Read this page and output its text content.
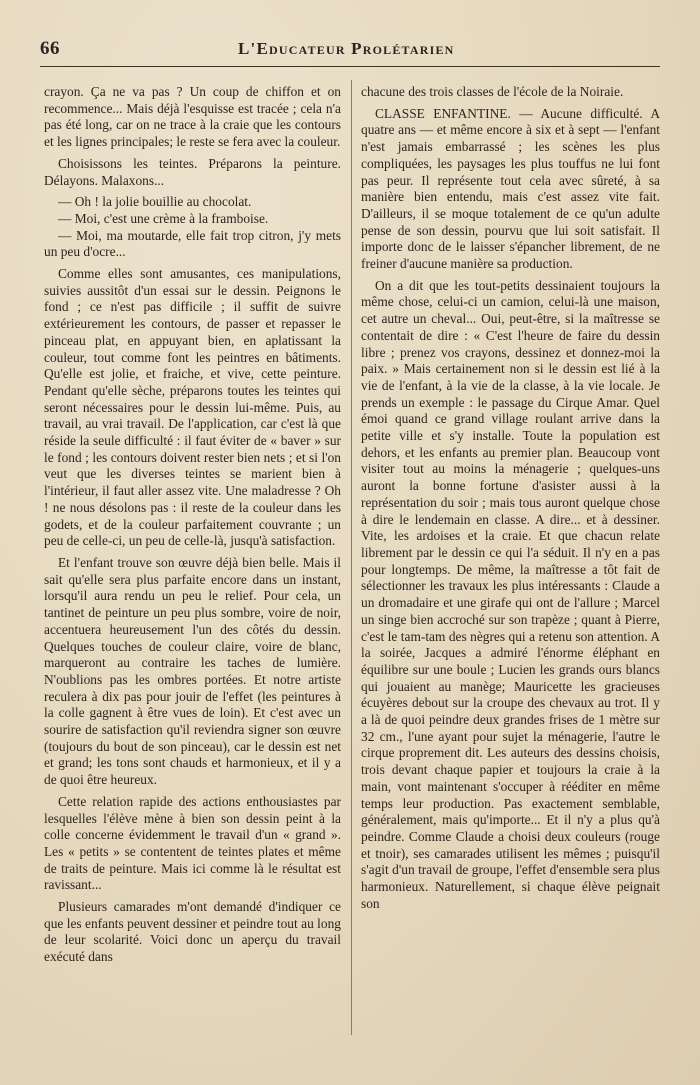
66	L'Educateur Prolétarien

crayon. Ça ne va pas ? Un coup de chiffon et on recommence... Mais déjà l'esquisse est tracée ; cela n'a pas été long, car on ne trace à la craie que les contours et les lignes principales; le reste se fera avec la couleur.

Choisissons les teintes. Préparons la peinture. Délayons. Malaxons...

— Oh ! la jolie bouillie au chocolat.

— Moi, c'est une crème à la framboise.

— Moi, ma moutarde, elle fait trop citron, j'y mets un peu d'ocre...

Comme elles sont amusantes, ces manipulations, suivies aussitôt d'un essai sur le dessin. Peignons le fond ; ce n'est pas difficile ; il suffit de suivre extérieurement les contours, de passer et repasser le pinceau plat, en appuyant bien, en aplatissant la couleur, tout comme font les peintres en bâtiments. Qu'elle est jolie, et fraiche, et vive, cette peinture. Pendant qu'elle sèche, préparons toutes les teintes qui seront nécessaires pour le dessin lui-même. Puis, au travail, au vrai travail. De l'application, car c'est là que réside la seule difficulté : il faut éviter de « baver » sur le fond ; les contours doivent rester bien nets ; et si l'on veut que les diverses teintes se marient bien à l'intérieur, il faut aller assez vite. Une maladresse ? Oh ! ne nous désolons pas : il reste de la couleur dans les godets, et de la couleur parfaitement couvrante ; un peu de celle-ci, un peu de celle-là, jusqu'à satisfaction.

Et l'enfant trouve son œuvre déjà bien belle. Mais il sait qu'elle sera plus parfaite encore dans un instant, lorsqu'il aura rendu un peu le relief. Pour cela, un tantinet de peinture un peu plus sombre, voire de noir, accentuera heureusement l'un des côtés du dessin. Quelques touches de couleur claire, voire de blanc, marqueront au contraire les taches de lumière. N'oublions pas les ombres portées. Et notre artiste reculera à dix pas pour jouir de l'effet (les peintures à la colle gagnent à être vues de loin). Et c'est avec un sourire de satisfaction qu'il reviendra signer son œuvre (toujours du bout de son pinceau), car le dessin est net et grand; les tons sont chauds et harmonieux, et il y a de quoi être heureux.

Cette relation rapide des actions enthousiastes par lesquelles l'élève mène à bien son dessin peint à la colle concerne évidemment le travail d'un « grand ». Les « petits » se contentent de teintes plates et même de traits de peinture. Mais ici comme là le résultat est ravissant...

Plusieurs camarades m'ont demandé d'indiquer ce que les enfants peuvent dessiner et peindre tout au long de leur scolarité. Voici donc un aperçu du travail exécuté dans

chacune des trois classes de l'école de la Noiraie.

CLASSE ENFANTINE. — Aucune difficulté. A quatre ans — et même encore à six et à sept — l'enfant n'est jamais embarrassé ; les scènes les plus compliquées, les paysages les plus touffus ne lui font pas peur. Il représente tout cela avec sûreté, à sa manière bien entendu, mais c'est assez vite fait. D'ailleurs, il se moque totalement de ce qu'un adulte pense de son dessin, pourvu que lui soit satisfait. Il importe donc de le laisser s'épancher librement, de ne freiner d'aucune manière sa production.

On a dit que les tout-petits dessinaient toujours la même chose, celui-ci un camion, celui-là une maison, cet autre un cheval... Oui, peut-être, si la maîtresse se contentait de dire : « C'est l'heure de faire du dessin libre ; prenez vos crayons, dessinez et donnez-moi la paix. » Mais certainement non si le dessin est lié à la vie de l'enfant, à la vie de la classe, à la vie locale. Je prends un exemple : le passage du Cirque Amar. Quel émoi quand ce grand village roulant arrive dans la petite ville et s'y installe. Toute la population est dehors, et les enfants au premier plan. Beaucoup vont visiter tout au moins la ménagerie ; quelques-uns auront la bonne fortune d'asister aussi à la représentation du soir ; mais tous auront quelque chose à dire le lendemain en classe. A dire... et à dessiner. Vite, les ardoises et la craie. Et que chacun relate librement par le dessin ce qui l'a séduit. Il n'y en a pas pour longtemps. De même, la maîtresse a tôt fait de sélectionner les travaux les plus intéressants : Claude a un dromadaire et une girafe qui ont de l'allure ; Marcel un singe bien accroché sur son trapèze ; quant à Pierre, c'est le tam-tam des nègres qui a retenu son attention. A la soirée, Jacques a admiré l'énorme éléphant en équilibre sur une boule ; Lucien les grands ours blancs qui jouaient au manège; Mauricette les gracieuses écuyères debout sur la croupe des chevaux au trot. Il y a là de quoi peindre deux grandes frises de 1 mètre sur 32 cm., l'une ayant pour sujet la ménagerie, l'autre le cirque proprement dit. Les auteurs des dessins choisis, trois devant chaque papier et toujours la craie à la main, vont maintenant s'occuper à rééditer en même temps leur production. Pas exactement semblable, généralement, mais qu'importe... Et il n'y a plus qu'à peindre. Comme Claude a choisi deux couleurs (rouge et tnoir), ses camarades utilisent les mêmes ; puisqu'il s'agit d'un travail de groupe, l'effet d'ensemble sera plus harmonieux. Naturellement, si chaque élève peignait son
